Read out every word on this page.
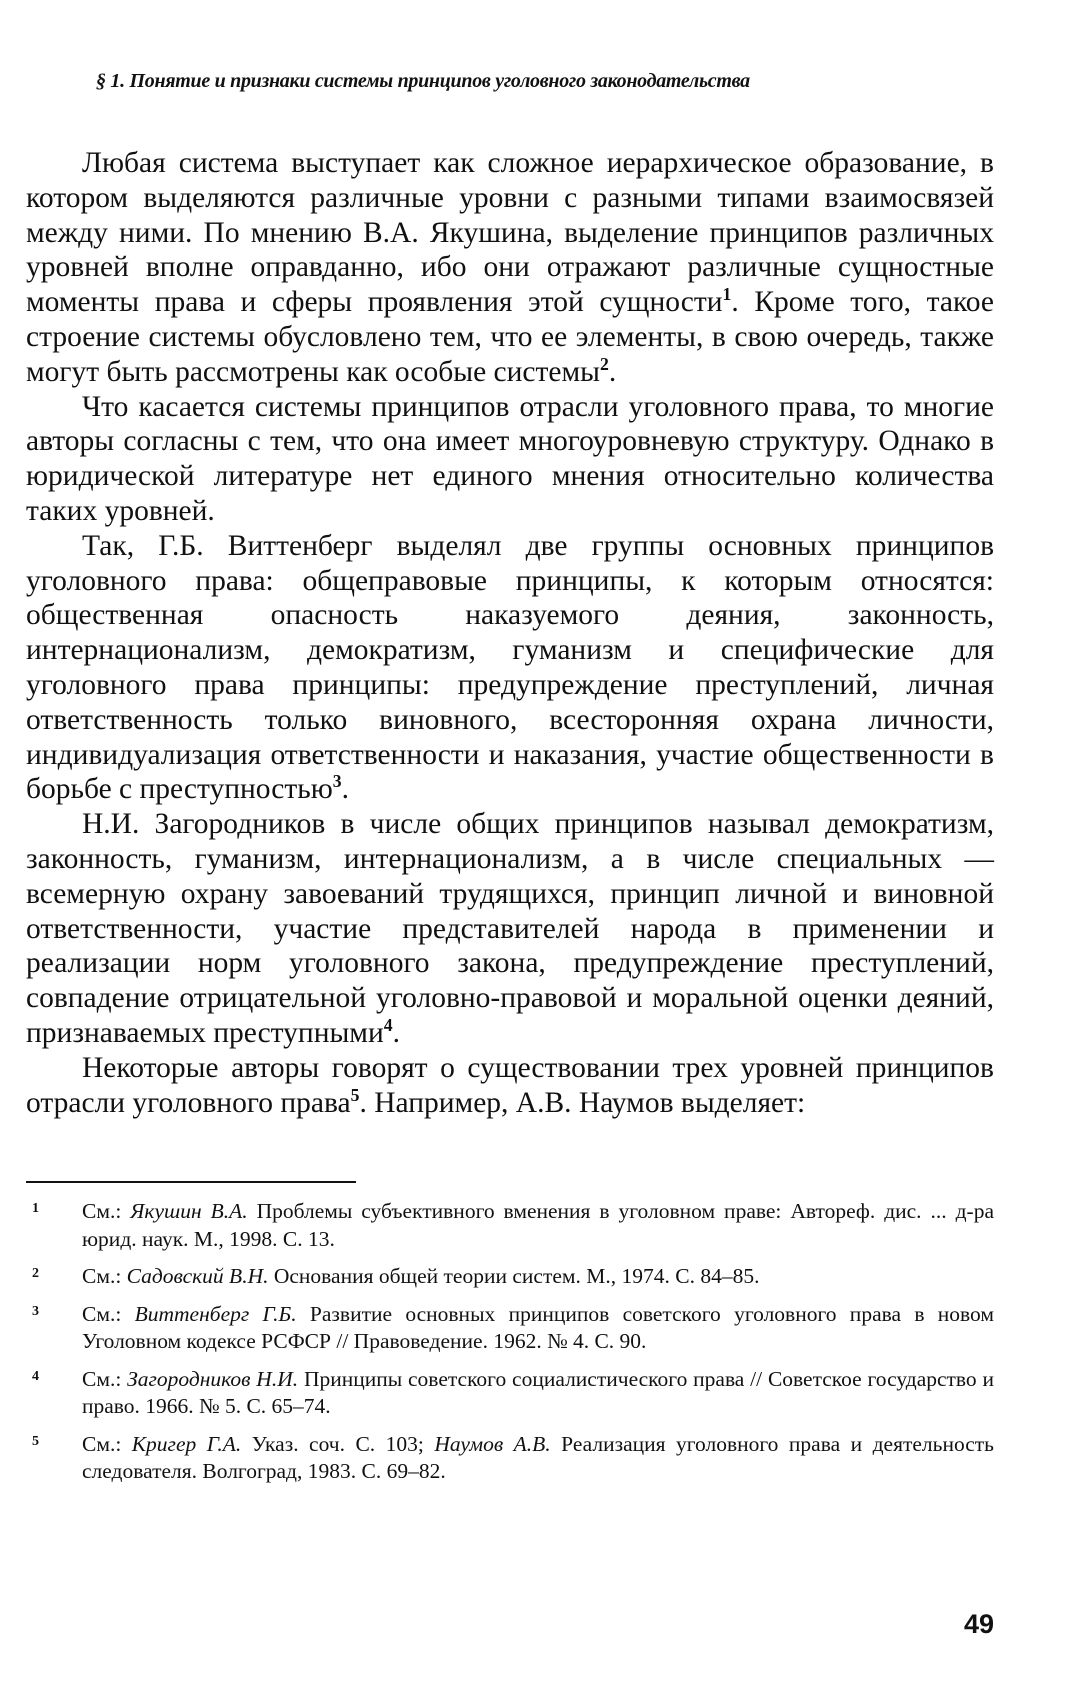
§ 1. Понятие и признаки системы принципов уголовного законодательства

Любая система выступает как сложное иерархическое образование, в котором выделяются различные уровни с разными типами взаимосвязей между ними. По мнению В.А. Якушина, выделение принципов различных уровней вполне оправданно, ибо они отражают различные сущностные моменты права и сферы проявления этой сущности$^1$. Кроме того, такое строение системы обусловлено тем, что ее элементы, в свою очередь, также могут быть рассмотрены как особые системы$^2$.

Что касается системы принципов отрасли уголовного права, то многие авторы согласны с тем, что она имеет многоуровневую структуру. Однако в юридической литературе нет единого мнения относительно количества таких уровней.

Так, Г.Б. Виттенберг выделял две группы основных принципов уголовного права: общеправовые принципы, к которым относятся: общественная опасность наказуемого деяния, законность, интернационализм, демократизм, гуманизм и специфические для уголовного права принципы: предупреждение преступлений, личная ответственность только виновного, всесторонняя охрана личности, индивидуализация ответственности и наказания, участие общественности в борьбе с преступностью$^3$.

Н.И. Загородников в числе общих принципов называл демократизм, законность, гуманизм, интернационализм, а в числе специальных — всемерную охрану завоеваний трудящихся, принцип личной и виновной ответственности, участие представителей народа в применении и реализации норм уголовного закона, предупреждение преступлений, совпадение отрицательной уголовно-правовой и моральной оценки деяний, признаваемых преступными$^4$.

Некоторые авторы говорят о существовании трех уровней принципов отрасли уголовного права$^5$. Например, А.В. Наумов выделяет:

1 См.: Якушин В.А. Проблемы субъективного вменения в уголовном праве: Автореф. дис. ... д-ра юрид. наук. М., 1998. С. 13.
2 См.: Садовский В.Н. Основания общей теории систем. М., 1974. С. 84–85.
3 См.: Виттенберг Г.Б. Развитие основных принципов советского уголовного права в новом Уголовном кодексе РСФСР // Правоведение. 1962. № 4. С. 90.
4 См.: Загородников Н.И. Принципы советского социалистического права // Советское государство и право. 1966. № 5. С. 65–74.
5 См.: Кригер Г.А. Указ. соч. С. 103; Наумов А.В. Реализация уголовного права и деятельность следователя. Волгоград, 1983. С. 69–82.
49
